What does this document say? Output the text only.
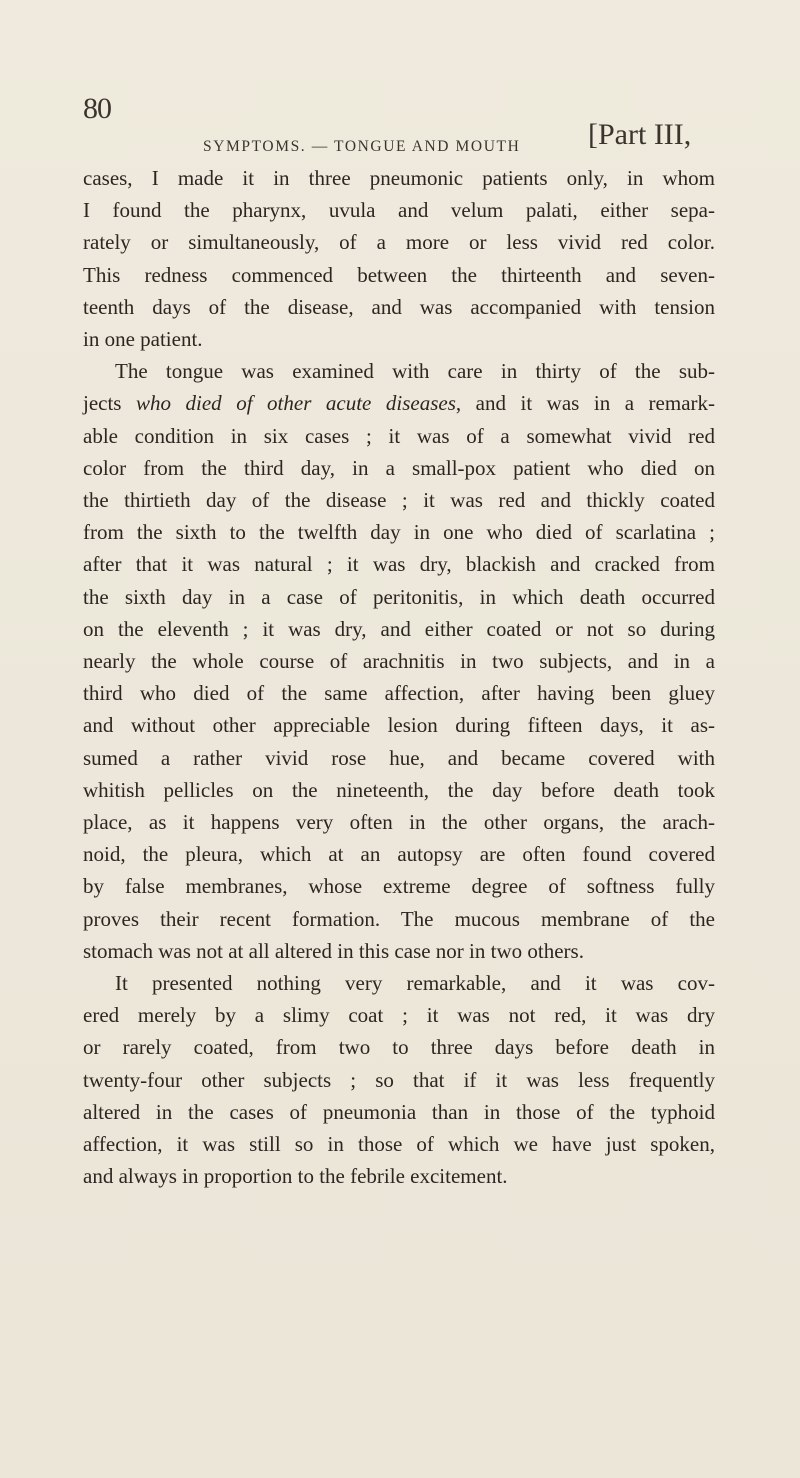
80
SYMPTOMS. — TONGUE AND MOUTH [Part III,

cases, I made it in three pneumonic patients only, in whom

I found the pharynx, uvula and velum palati, either sepa-

rately or simultaneously, of a more or less vivid red color.

This redness commenced between the thirteenth and seven-

teenth days of the disease, and was accompanied with tension

in one patient.

The tongue was examined with care in thirty of the sub-

jects who died of other acute diseases, and it was in a remark-

able condition in six cases ; it was of a somewhat vivid red

color from the third day, in a small-pox patient who died on

the thirtieth day of the disease ; it was red and thickly coated

from the sixth to the twelfth day in one who died of scarlatina ;

after that it was natural ; it was dry, blackish and cracked from

the sixth day in a case of peritonitis, in which death occurred

on the eleventh ; it was dry, and either coated or not so during

nearly the whole course of arachnitis in two subjects, and in a

third who died of the same affection, after having been gluey

and without other appreciable lesion during fifteen days, it as-

sumed a rather vivid rose hue, and became covered with

whitish pellicles on the nineteenth, the day before death took

place, as it happens very often in the other organs, the arach-

noid, the pleura, which at an autopsy are often found covered

by false membranes, whose extreme degree of softness fully

proves their recent formation. The mucous membrane of the

stomach was not at all altered in this case nor in two others.

It presented nothing very remarkable, and it was cov-

ered merely by a slimy coat ; it was not red, it was dry

or rarely coated, from two to three days before death in

twenty-four other subjects ; so that if it was less frequently

altered in the cases of pneumonia than in those of the typhoid

affection, it was still so in those of which we have just spoken,

and always in proportion to the febrile excitement.
